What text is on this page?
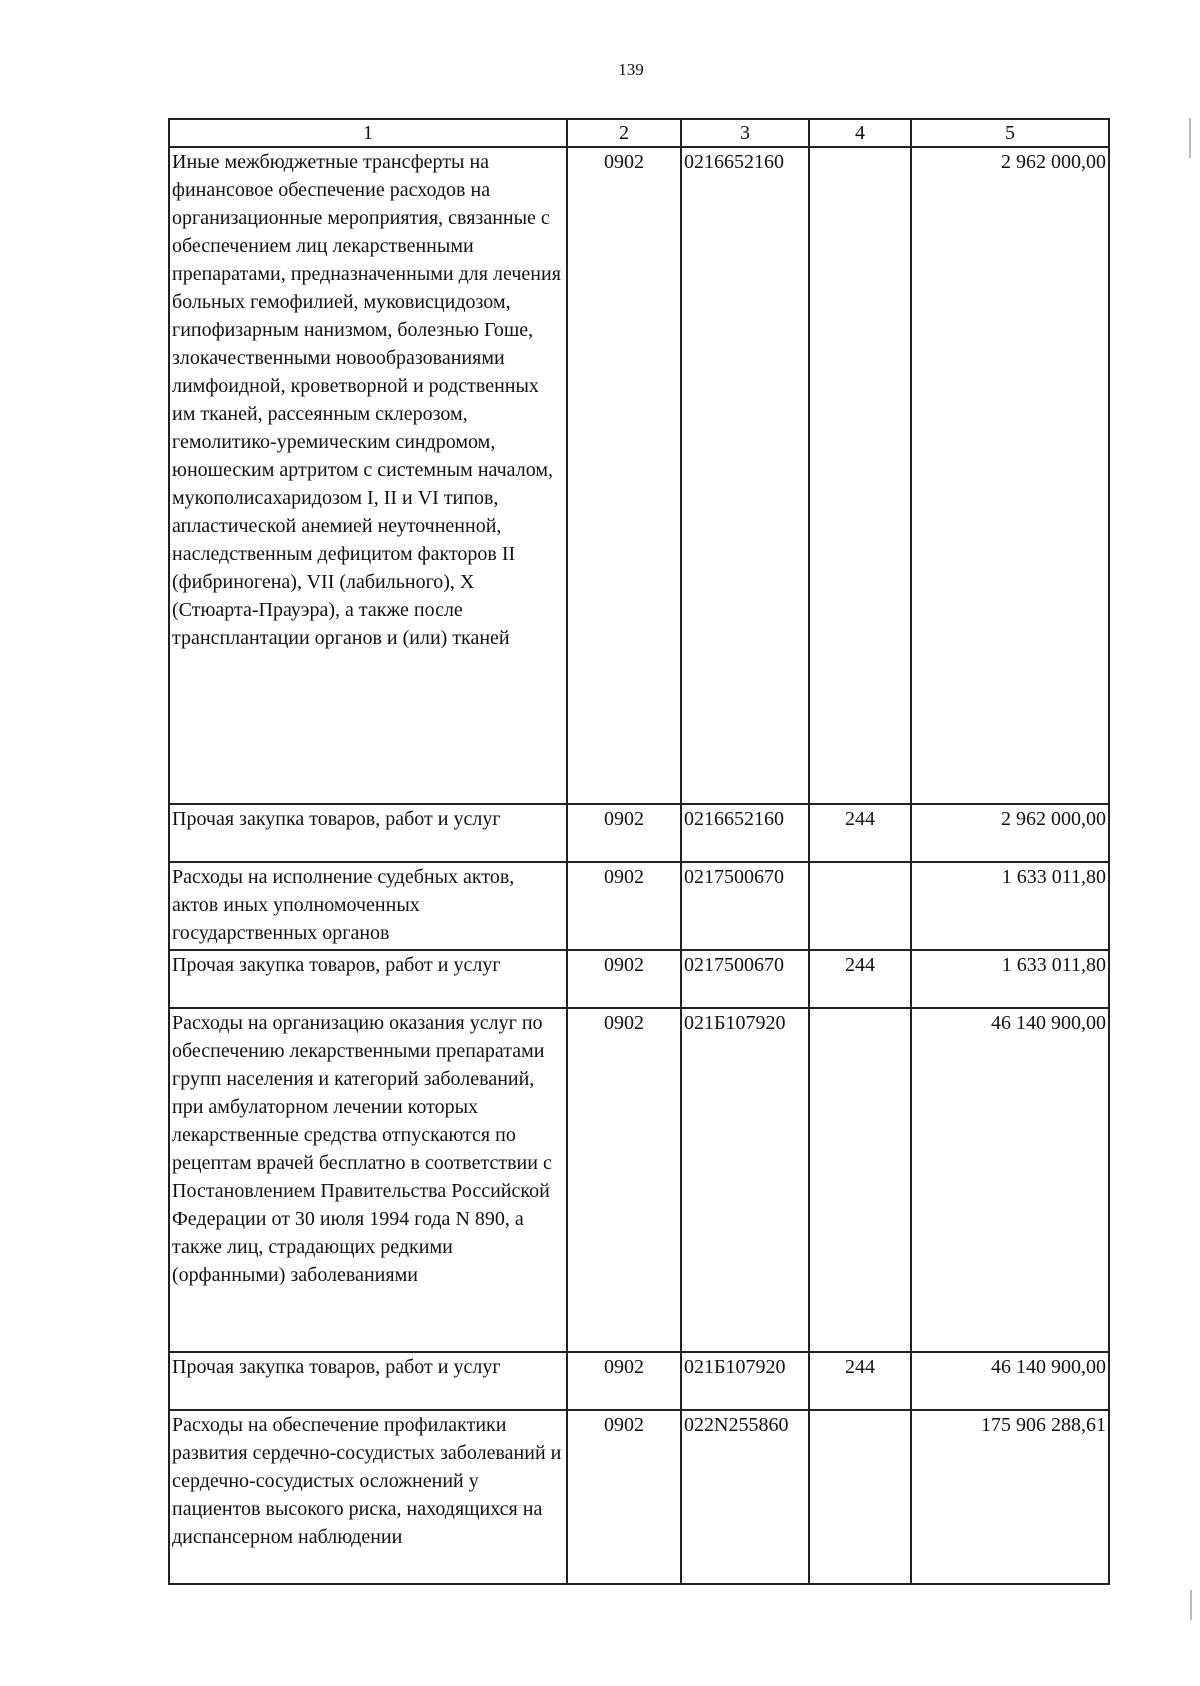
139
1	2	3	4	5
Иные межбюджетные трансферты на финансовое обеспечение расходов на организационные мероприятия, связанные с обеспечением лиц лекарственными препаратами, предназначенными для лечения больных гемофилией, муковисцидозом, гипофизарным нанизмом, болезнью Гоше, злокачественными новообразованиями лимфоидной, кроветворной и родственных им тканей, рассеянным склерозом, гемолитико-уремическим синдромом, юношеским артритом с системным началом, мукополисахаридозом I, II и VI типов, апластической анемией неуточненной, наследственным дефицитом факторов II (фибриногена), VII (лабильного), X (Стюарта-Прауэра), а также после трансплантации органов и (или) тканей	0902	0216652160		2 962 000,00
Прочая закупка товаров, работ и услуг	0902	0216652160	244	2 962 000,00
Расходы на исполнение судебных актов, актов иных уполномоченных государственных органов	0902	0217500670		1 633 011,80
Прочая закупка товаров, работ и услуг	0902	0217500670	244	1 633 011,80
Расходы на организацию оказания услуг по обеспечению лекарственными препаратами групп населения и категорий заболеваний, при амбулаторном лечении которых лекарственные средства отпускаются по рецептам врачей бесплатно в соответствии с Постановлением Правительства Российской Федерации от 30 июля 1994 года N 890, а также лиц, страдающих редкими (орфанными) заболеваниями	0902	021Б107920		46 140 900,00
Прочая закупка товаров, работ и услуг	0902	021Б107920	244	46 140 900,00
Расходы на обеспечение профилактики развития сердечно-сосудистых заболеваний и сердечно-сосудистых осложнений у пациентов высокого риска, находящихся на диспансерном наблюдении	0902	022N255860		175 906 288,61
